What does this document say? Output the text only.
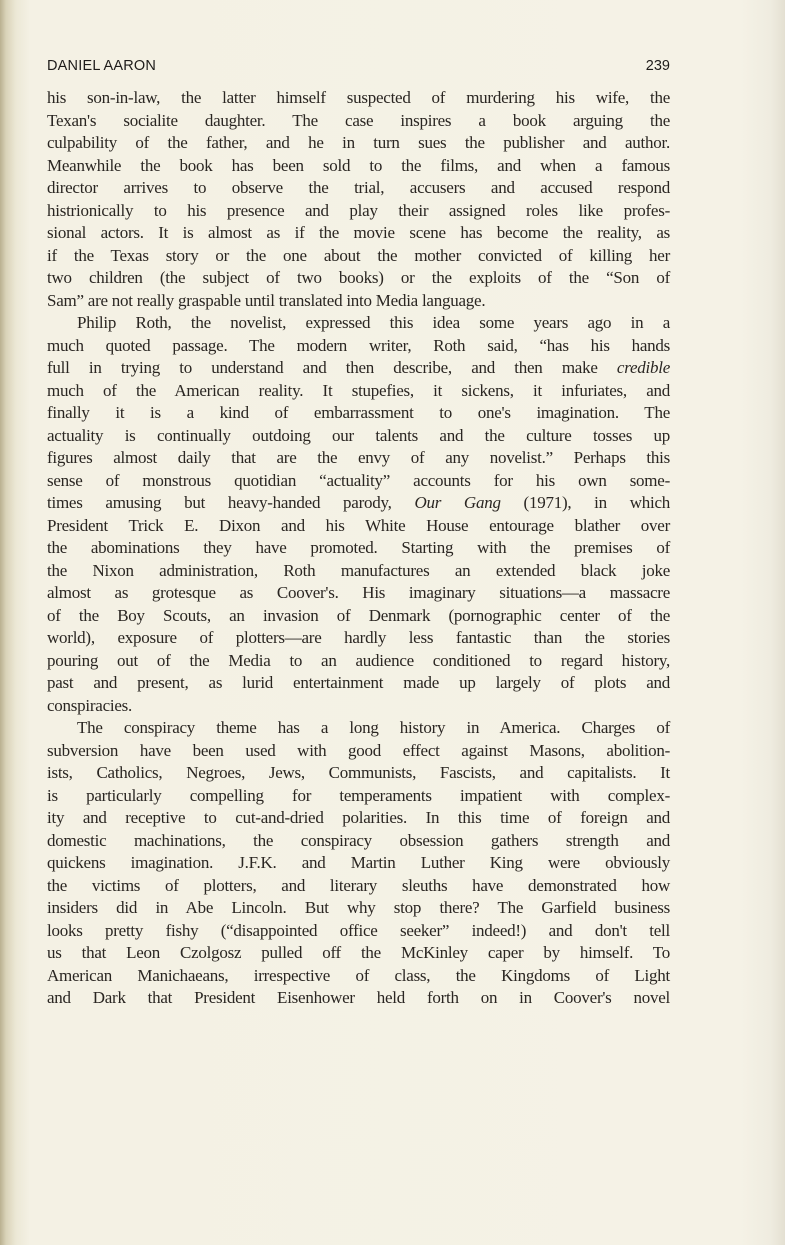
DANIEL AARON	239
his son-in-law, the latter himself suspected of murdering his wife, the
Texan's socialite daughter. The case inspires a book arguing the
culpability of the father, and he in turn sues the publisher and author.
Meanwhile the book has been sold to the films, and when a famous
director arrives to observe the trial, accusers and accused respond
histrionically to his presence and play their assigned roles like profes-
sional actors. It is almost as if the movie scene has become the reality, as
if the Texas story or the one about the mother convicted of killing her
two children (the subject of two books) or the exploits of the “Son of
Sam” are not really graspable until translated into Media language.
Philip Roth, the novelist, expressed this idea some years ago in a
much quoted passage. The modern writer, Roth said, “has his hands
full in trying to understand and then describe, and then make credible
much of the American reality. It stupefies, it sickens, it infuriates, and
finally it is a kind of embarrassment to one's imagination. The
actuality is continually outdoing our talents and the culture tosses up
figures almost daily that are the envy of any novelist.” Perhaps this
sense of monstrous quotidian “actuality” accounts for his own some-
times amusing but heavy-handed parody, Our Gang (1971), in which
President Trick E. Dixon and his White House entourage blather over
the abominations they have promoted. Starting with the premises of
the Nixon administration, Roth manufactures an extended black joke
almost as grotesque as Coover's. His imaginary situations—a massacre
of the Boy Scouts, an invasion of Denmark (pornographic center of the
world), exposure of plotters—are hardly less fantastic than the stories
pouring out of the Media to an audience conditioned to regard history,
past and present, as lurid entertainment made up largely of plots and
conspiracies.
The conspiracy theme has a long history in America. Charges of
subversion have been used with good effect against Masons, abolition-
ists, Catholics, Negroes, Jews, Communists, Fascists, and capitalists. It
is particularly compelling for temperaments impatient with complex-
ity and receptive to cut-and-dried polarities. In this time of foreign and
domestic machinations, the conspiracy obsession gathers strength and
quickens imagination. J.F.K. and Martin Luther King were obviously
the victims of plotters, and literary sleuths have demonstrated how
insiders did in Abe Lincoln. But why stop there? The Garfield business
looks pretty fishy (“disappointed office seeker” indeed!) and don't tell
us that Leon Czolgosz pulled off the McKinley caper by himself. To
American Manichaeans, irrespective of class, the Kingdoms of Light
and Dark that President Eisenhower held forth on in Coover's novel
